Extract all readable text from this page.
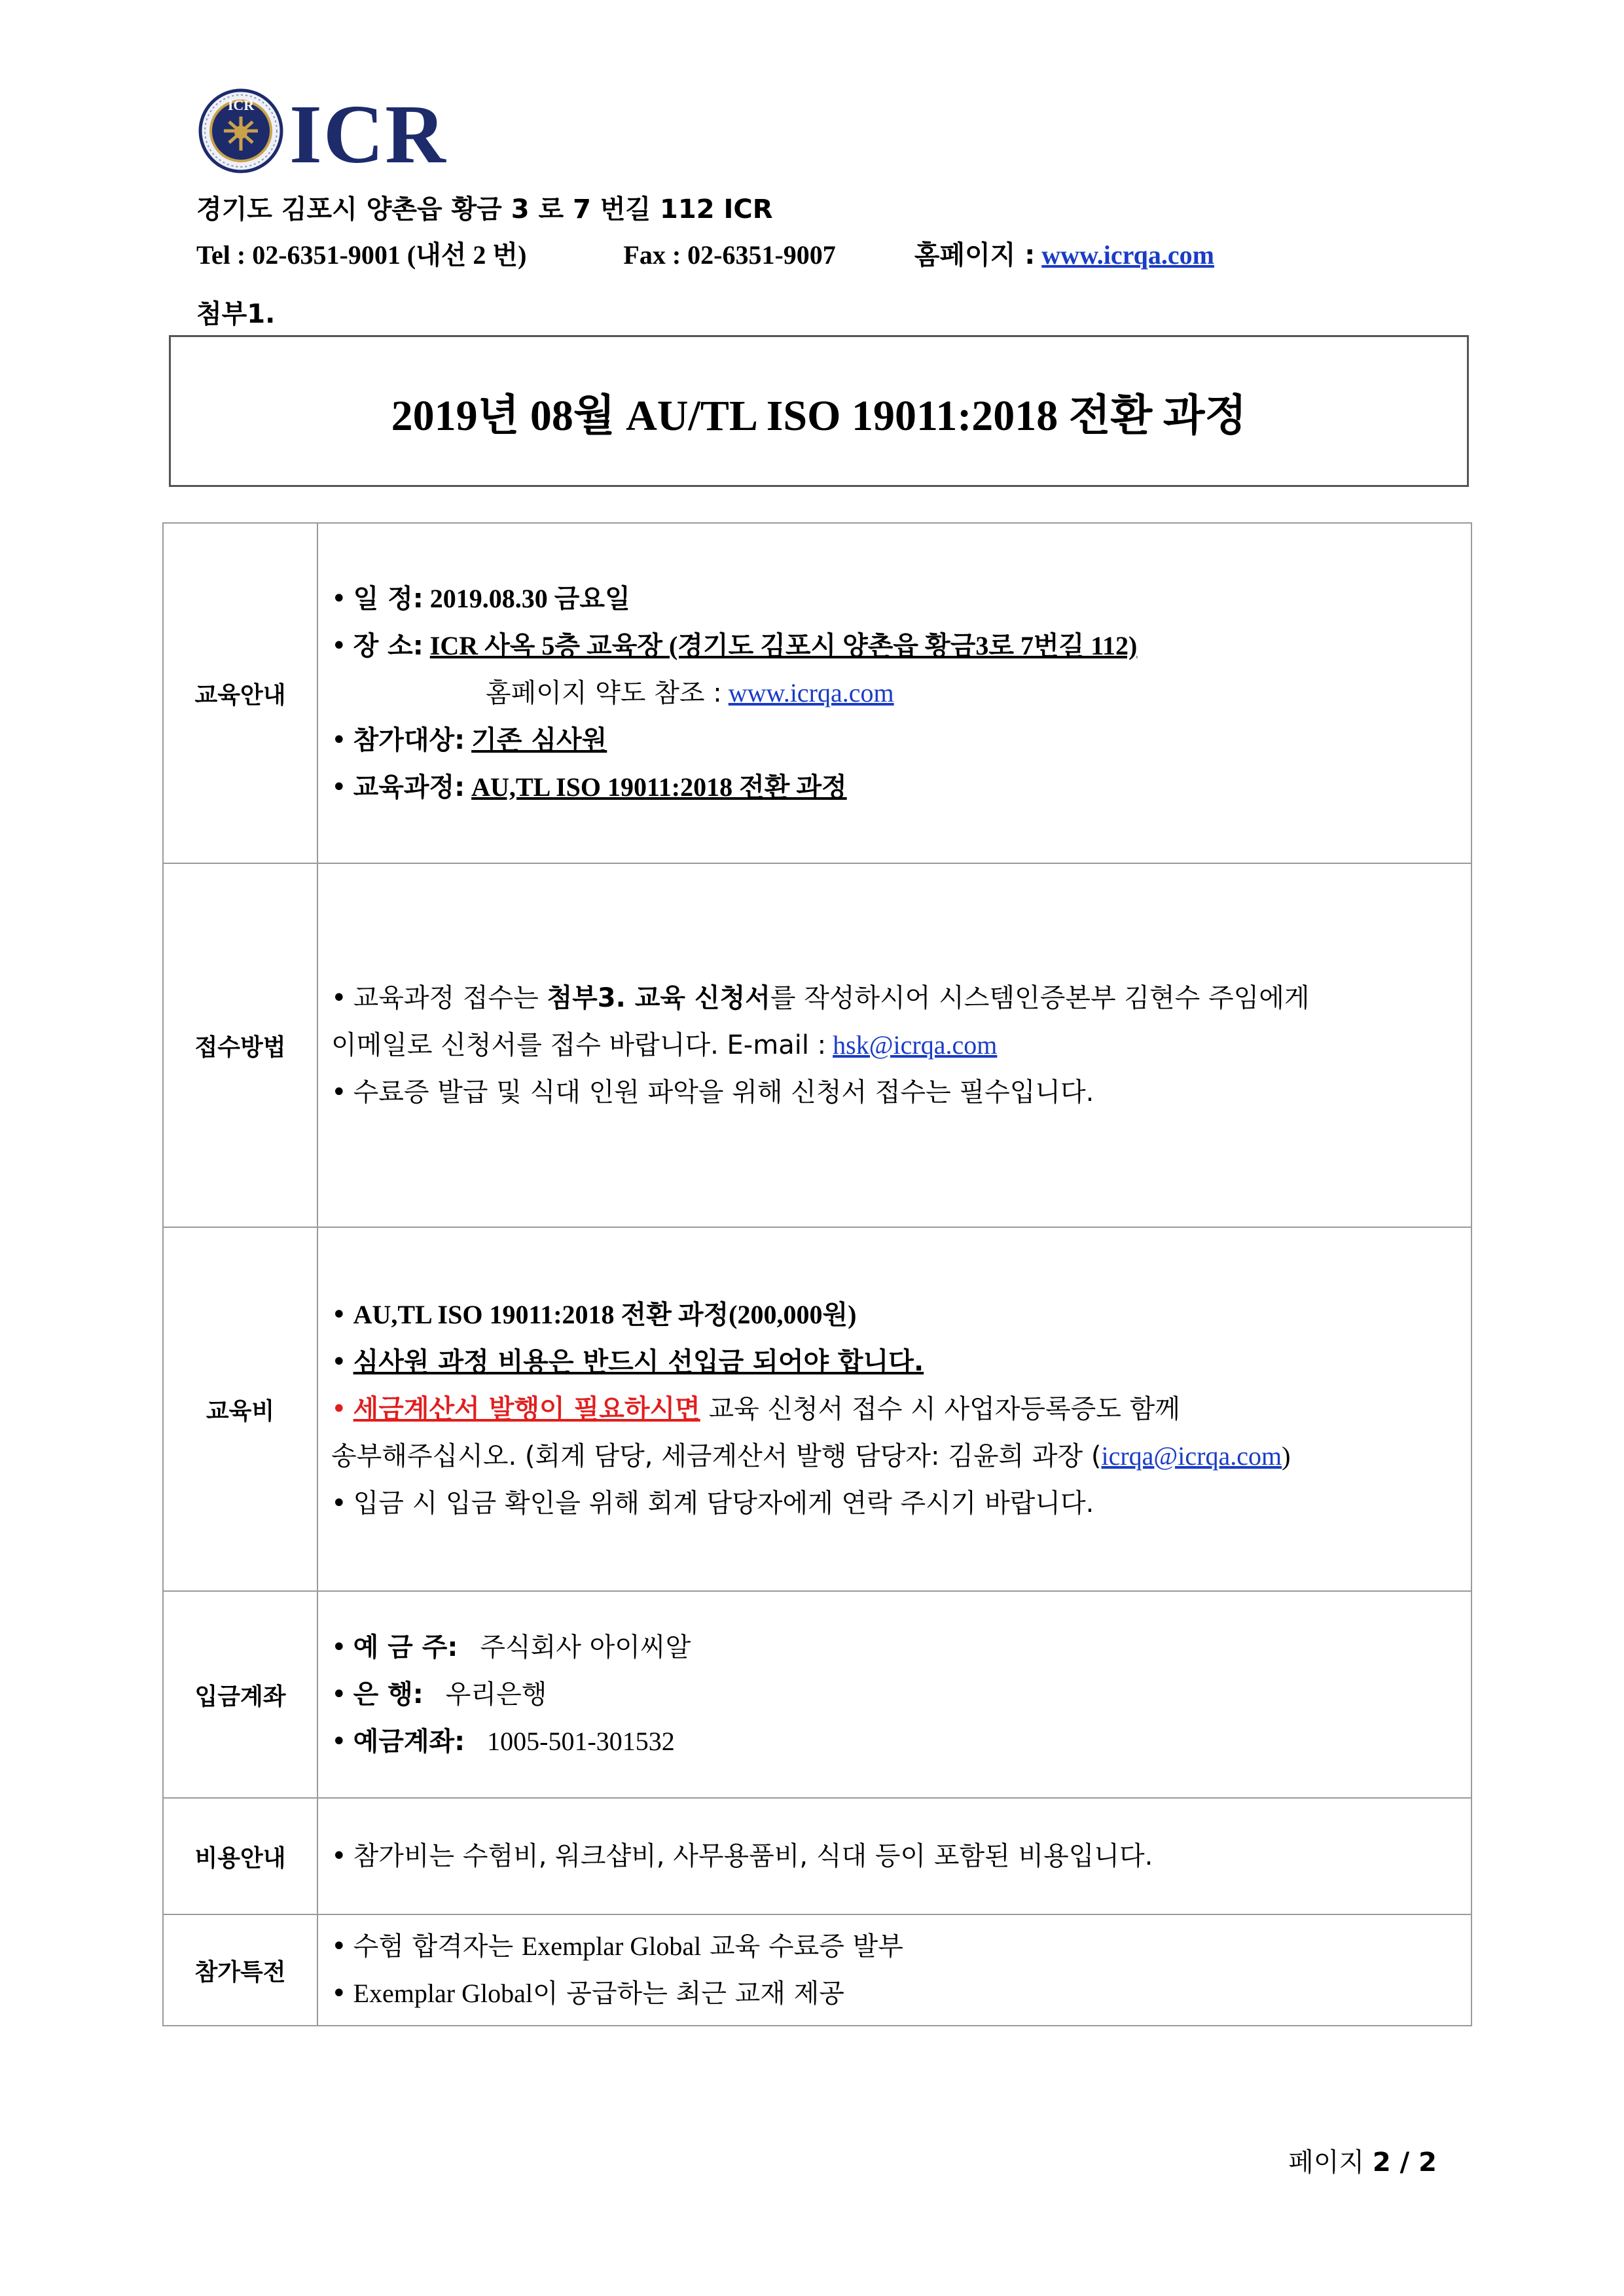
ICR ICR
경기도 김포시 양촌읍 황금 3 로 7 번길 112 ICR
Tel : 02-6351-9001 (내선 2 번)	Fax : 02-6351-9007	홈페이지 : www.icrqa.com
첨부1.
2019년 08월 AU/TL ISO 19011:2018 전환 과정
교육안내	• 일 정: 2019.08.30 금요일
• 장 소: ICR 사옥 5층 교육장 (경기도 김포시 양촌읍 황금3로 7번길 112)
홈페이지 약도 참조 : www.icrqa.com
• 참가대상: 기존 심사원
• 교육과정: AU,TL ISO 19011:2018 전환 과정

접수방법	• 교육과정 접수는 첨부3. 교육 신청서를 작성하시어 시스템인증본부 김현수 주임에게
이메일로 신청서를 접수 바랍니다. E-mail : hsk@icrqa.com
• 수료증 발급 및 식대 인원 파악을 위해 신청서 접수는 필수입니다.

교육비	• AU,TL ISO 19011:2018 전환 과정(200,000원)
• 심사원 과정 비용은 반드시 선입금 되어야 합니다.
• 세금계산서 발행이 필요하시면 교육 신청서 접수 시 사업자등록증도 함께
송부해주십시오. (회계 담당, 세금계산서 발행 담당자: 김윤희 과장 (icrqa@icrqa.com)
• 입금 시 입금 확인을 위해 회계 담당자에게 연락 주시기 바랍니다.

입금계좌	• 예 금 주: 주식회사 아이씨알
• 은 행: 우리은행
• 예금계좌: 1005-501-301532

비용안내	• 참가비는 수험비, 워크샵비, 사무용품비, 식대 등이 포함된 비용입니다.

참가특전	• 수험 합격자는 Exemplar Global 교육 수료증 발부
• Exemplar Global이 공급하는 최근 교재 제공
페이지 2 / 2
